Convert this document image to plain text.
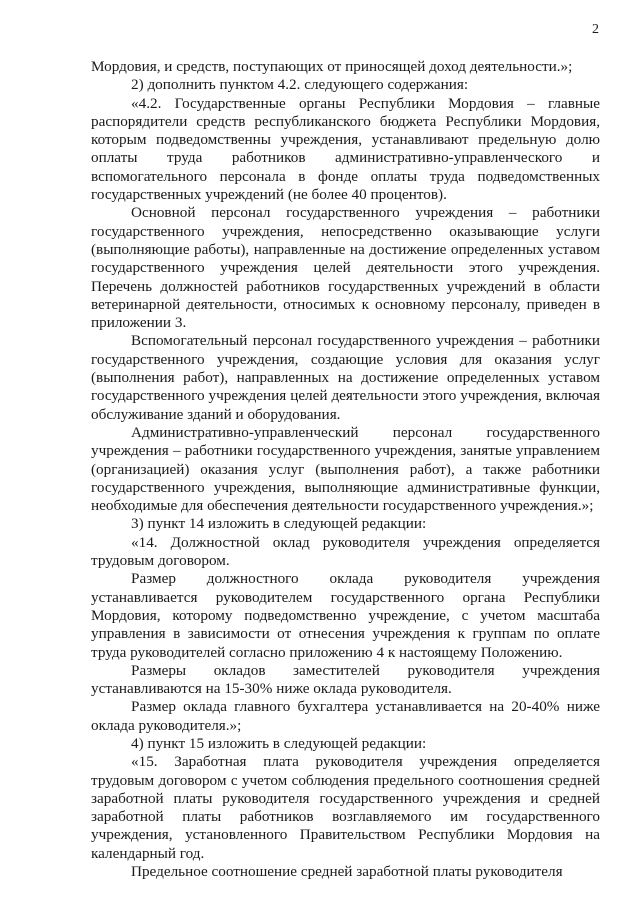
2

Мордовия, и средств, поступающих от приносящей доход деятельности.»;

2) дополнить пунктом 4.2. следующего содержания:

«4.2. Государственные органы Республики Мордовия – главные распорядители средств республиканского бюджета Республики Мордовия, которым подведомственны учреждения, устанавливают предельную долю оплаты труда работников административно-управленческого и вспомогательного персонала в фонде оплаты труда подведомственных государственных учреждений (не более 40 процентов).

Основной персонал государственного учреждения – работники государственного учреждения, непосредственно оказывающие услуги (выполняющие работы), направленные на достижение определенных уставом государственного учреждения целей деятельности этого учреждения. Перечень должностей работников государственных учреждений в области ветеринарной деятельности, относимых к основному персоналу, приведен в приложении 3.

Вспомогательный персонал государственного учреждения – работники государственного учреждения, создающие условия для оказания услуг (выполнения работ), направленных на достижение определенных уставом государственного учреждения целей деятельности этого учреждения, включая обслуживание зданий и оборудования.

Административно-управленческий персонал государственного учреждения – работники государственного учреждения, занятые управлением (организацией) оказания услуг (выполнения работ), а также работники государственного учреждения, выполняющие административные функции, необходимые для обеспечения деятельности государственного учреждения.»;

3) пункт 14 изложить в следующей редакции:

«14. Должностной оклад руководителя учреждения определяется трудовым договором.

Размер должностного оклада руководителя учреждения устанавливается руководителем государственного органа Республики Мордовия, которому подведомственно учреждение, с учетом масштаба управления в зависимости от отнесения учреждения к группам по оплате труда руководителей согласно приложению 4 к настоящему Положению.

Размеры окладов заместителей руководителя учреждения устанавливаются на 15-30% ниже оклада руководителя.

Размер оклада главного бухгалтера устанавливается на 20-40% ниже оклада руководителя.»;

4) пункт 15 изложить в следующей редакции:

«15. Заработная плата руководителя учреждения определяется трудовым договором с учетом соблюдения предельного соотношения средней заработной платы руководителя государственного учреждения и средней заработной платы работников возглавляемого им государственного учреждения, установленного Правительством Республики Мордовия на календарный год.

Предельное соотношение средней заработной платы руководителя
